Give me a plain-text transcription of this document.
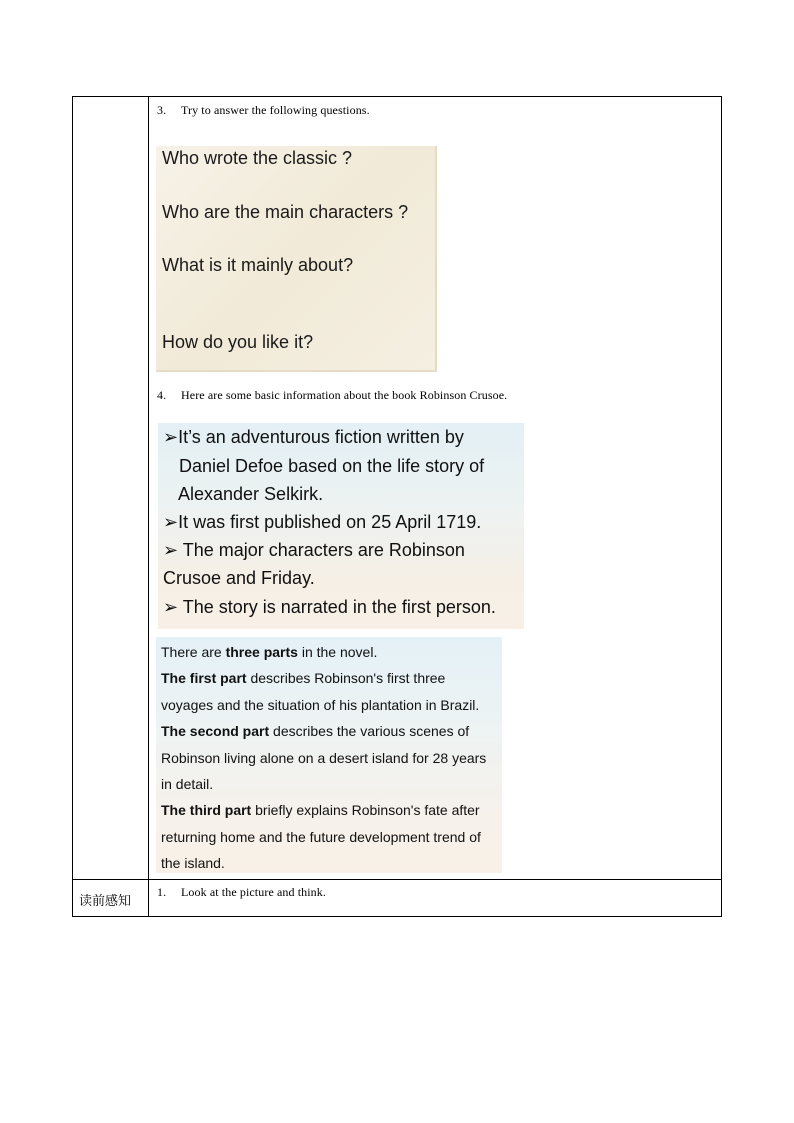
3. Try to answer the following questions.
Who wrote the classic ?
Who are the main characters ?
What is it mainly about?
How do you like it?
4. Here are some basic information about the book Robinson Crusoe.
➢It’s an adventurous fiction written by
Daniel Defoe based on the life story of
Alexander Selkirk.
➢It was first published on 25 April 1719.
➢ The major characters are Robinson
Crusoe and Friday.
➢ The story is narrated in the first person.
There are three parts in the novel.
The first part describes Robinson's first three
voyages and the situation of his plantation in Brazil.
The second part describes the various scenes of
Robinson living alone on a desert island for 28 years
in detail.
The third part briefly explains Robinson's fate after
returning home and the future development trend of
the island.
读前感知
1. Look at the picture and think.
